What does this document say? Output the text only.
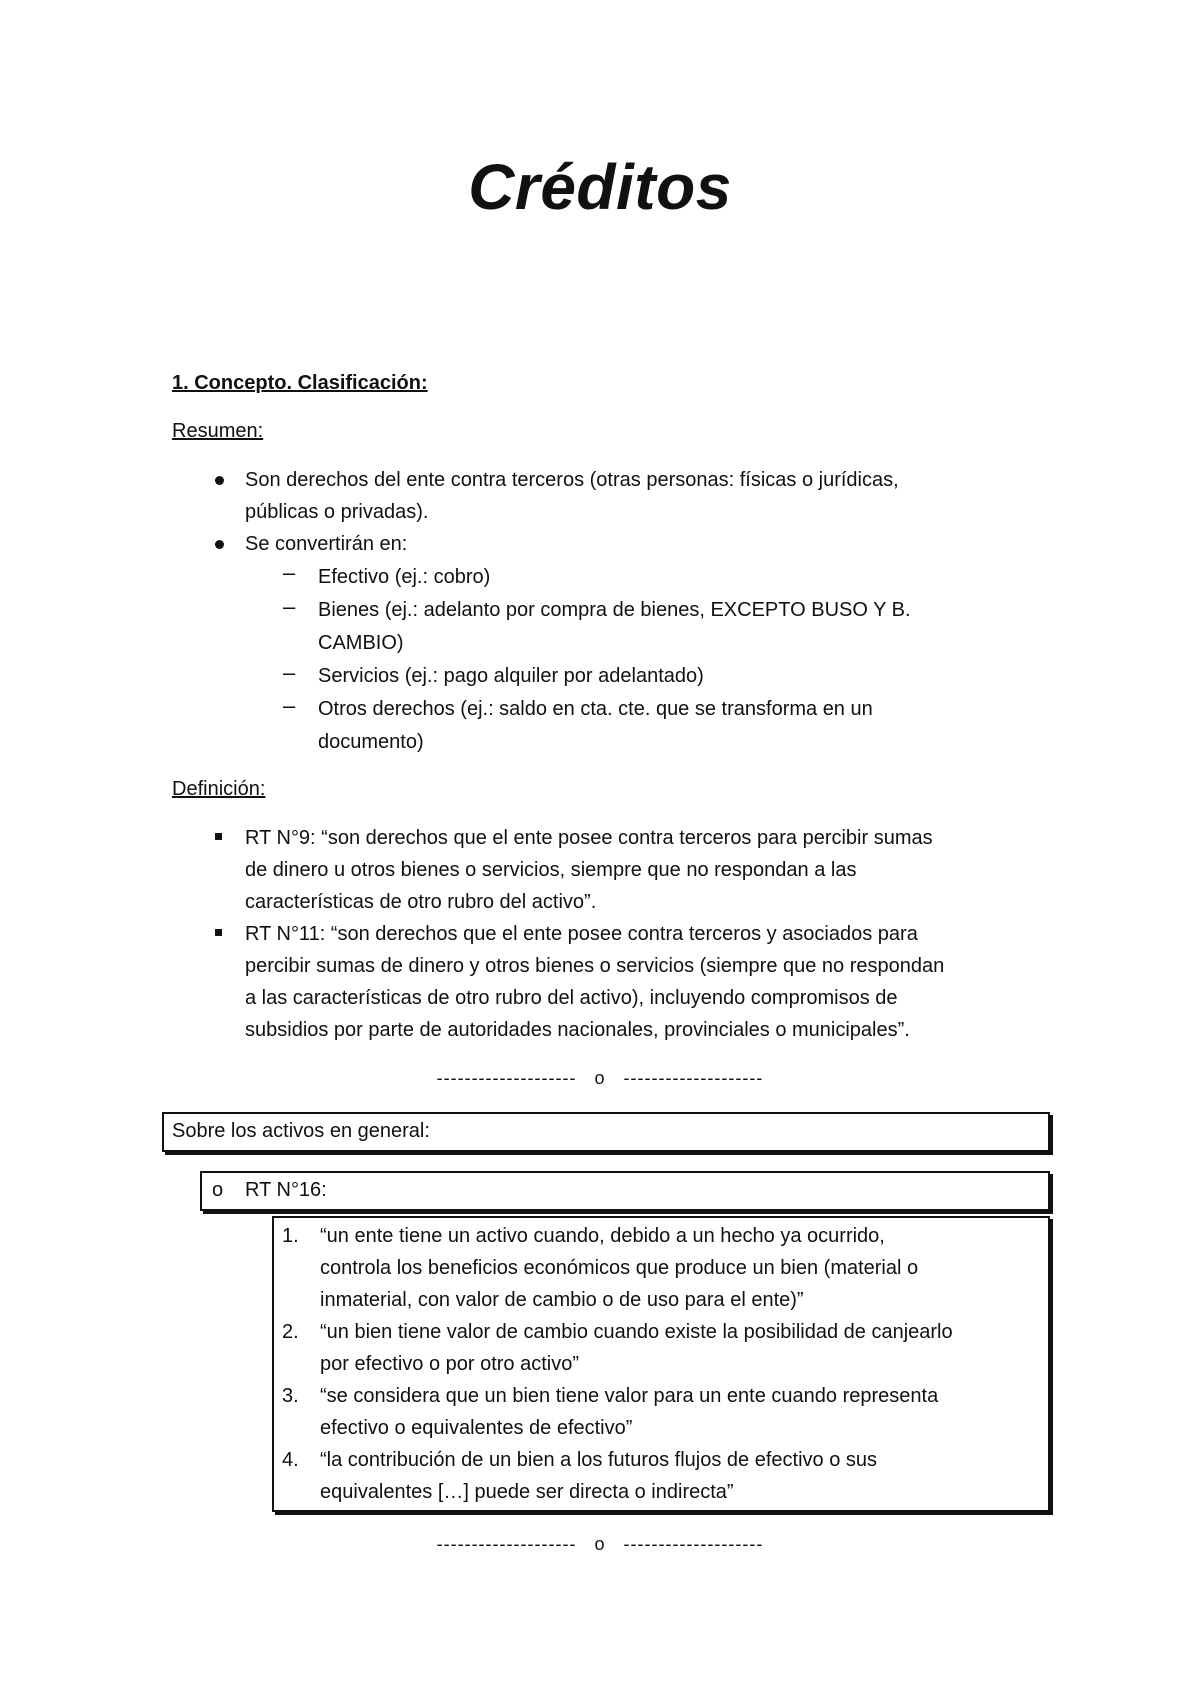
Créditos
1. Concepto. Clasificación:
Resumen:
Son derechos del ente contra terceros (otras personas: físicas o jurídicas,
públicas o privadas).
Se convertirán en:
– Efectivo (ej.: cobro)
– Bienes (ej.: adelanto por compra de bienes, EXCEPTO BUSO Y B.
CAMBIO)
– Servicios (ej.: pago alquiler por adelantado)
– Otros derechos (ej.: saldo en cta. cte. que se transforma en un
documento)
Definición:
RT N°9: “son derechos que el ente posee contra terceros para percibir sumas
de dinero u otros bienes o servicios, siempre que no respondan a las
características de otro rubro del activo”.
RT N°11: “son derechos que el ente posee contra terceros y asociados para
percibir sumas de dinero y otros bienes o servicios (siempre que no respondan
a las características de otro rubro del activo), incluyendo compromisos de
subsidios por parte de autoridades nacionales, provinciales o municipales”.
--------------------   o   --------------------
Sobre los activos en general:
o RT N°16:
1. “un ente tiene un activo cuando, debido a un hecho ya ocurrido,
controla los beneficios económicos que produce un bien (material o
inmaterial, con valor de cambio o de uso para el ente)”
2. “un bien tiene valor de cambio cuando existe la posibilidad de canjearlo
por efectivo o por otro activo”
3. “se considera que un bien tiene valor para un ente cuando representa
efectivo o equivalentes de efectivo”
4. “la contribución de un bien a los futuros flujos de efectivo o sus
equivalentes […] puede ser directa o indirecta”
--------------------   o   --------------------
